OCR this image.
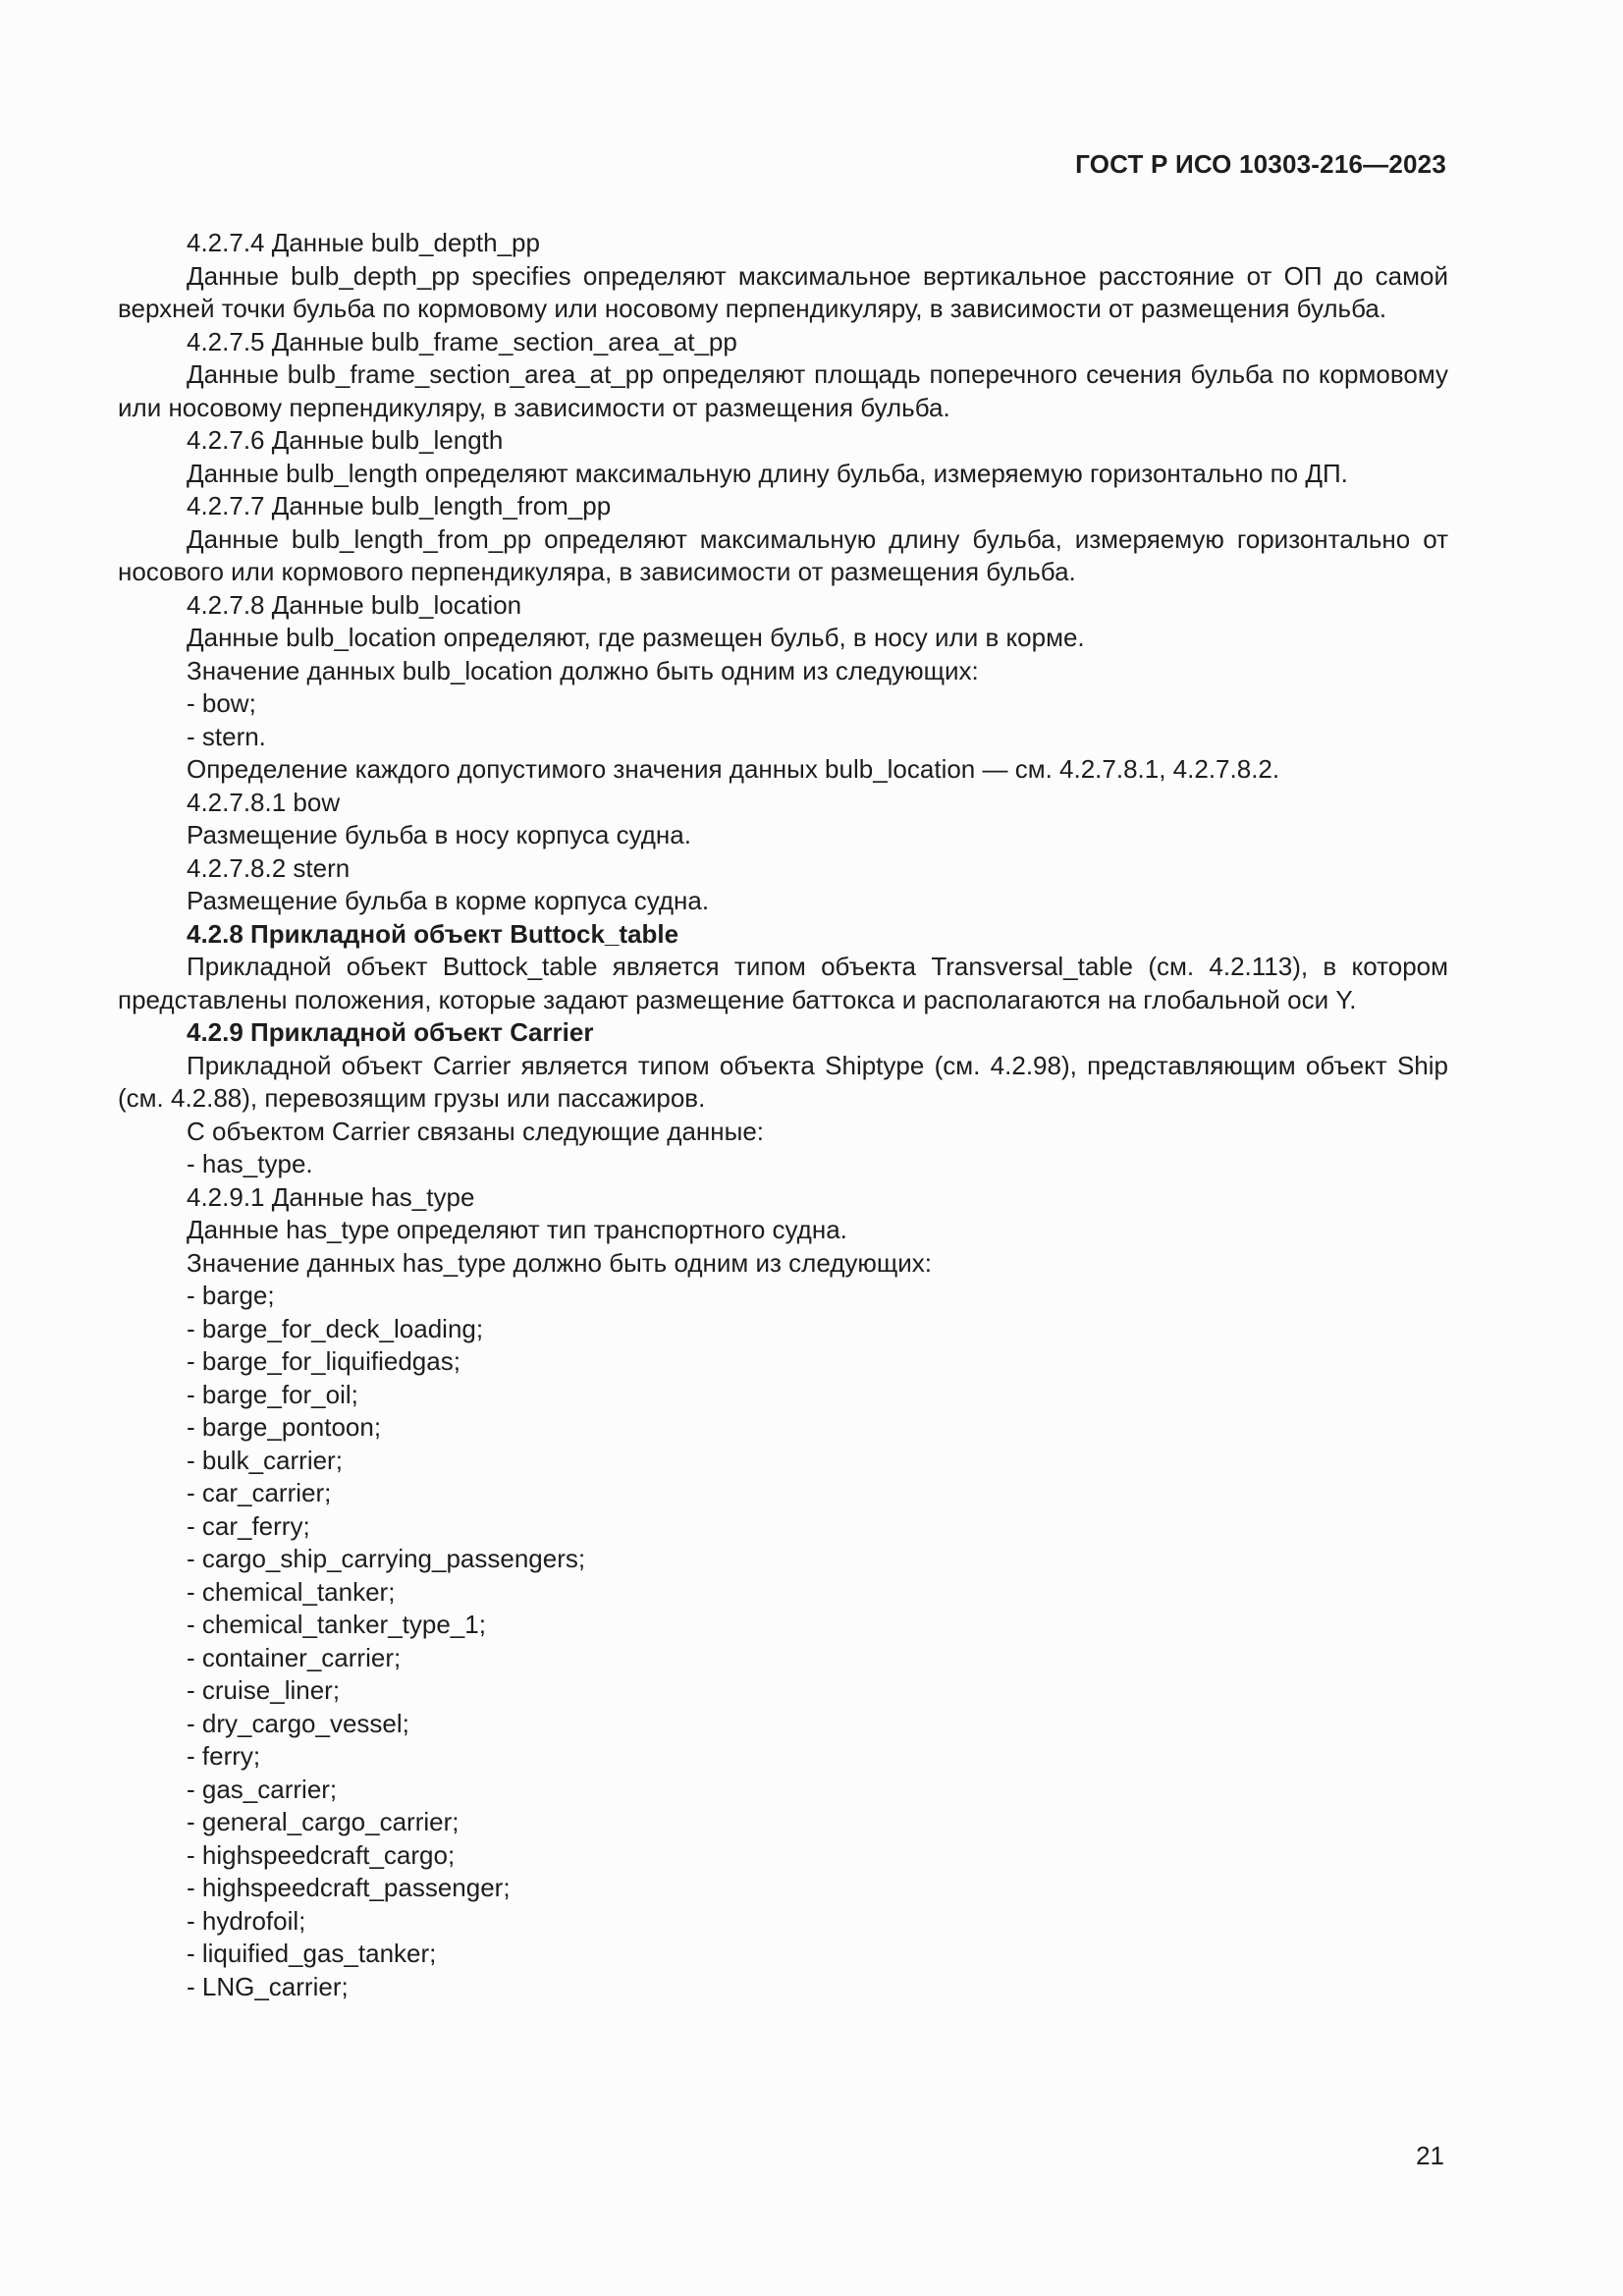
ГОСТ Р ИСО 10303-216—2023

4.2.7.4 Данные bulb_depth_pp

Данные bulb_depth_pp specifies определяют максимальное вертикальное расстояние от ОП до самой верхней точки бульба по кормовому или носовому перпендикуляру, в зависимости от размещения бульба.

4.2.7.5 Данные bulb_frame_section_area_at_pp

Данные bulb_frame_section_area_at_pp определяют площадь поперечного сечения бульба по кормовому или носовому перпендикуляру, в зависимости от размещения бульба.

4.2.7.6 Данные bulb_length

Данные bulb_length определяют максимальную длину бульба, измеряемую горизонтально по ДП.

4.2.7.7 Данные bulb_length_from_pp

Данные bulb_length_from_pp определяют максимальную длину бульба, измеряемую горизонтально от носового или кормового перпендикуляра, в зависимости от размещения бульба.

4.2.7.8 Данные bulb_location

Данные bulb_location определяют, где размещен бульб, в носу или в корме.

Значение данных bulb_location должно быть одним из следующих:

- bow;

- stern.

Определение каждого допустимого значения данных bulb_location — см. 4.2.7.8.1, 4.2.7.8.2.

4.2.7.8.1 bow

Размещение бульба в носу корпуса судна.

4.2.7.8.2 stern

Размещение бульба в корме корпуса судна.

4.2.8 Прикладной объект Buttock_table

Прикладной объект Buttock_table является типом объекта Transversal_table (см. 4.2.113), в котором представлены положения, которые задают размещение баттокса и располагаются на глобальной оси Y.

4.2.9 Прикладной объект Carrier

Прикладной объект Carrier является типом объекта Shiptype (см. 4.2.98), представляющим объект Ship (см. 4.2.88), перевозящим грузы или пассажиров.

С объектом Carrier связаны следующие данные:

- has_type.

4.2.9.1 Данные has_type

Данные has_type определяют тип транспортного судна.

Значение данных has_type должно быть одним из следующих:

- barge;

- barge_for_deck_loading;

- barge_for_liquifiedgas;

- barge_for_oil;

- barge_pontoon;

- bulk_carrier;

- car_carrier;

- car_ferry;

- cargo_ship_carrying_passengers;

- chemical_tanker;

- chemical_tanker_type_1;

- container_carrier;

- cruise_liner;

- dry_cargo_vessel;

- ferry;

- gas_carrier;

- general_cargo_carrier;

- highspeedcraft_cargo;

- highspeedcraft_passenger;

- hydrofoil;

- liquified_gas_tanker;

- LNG_carrier;

21
